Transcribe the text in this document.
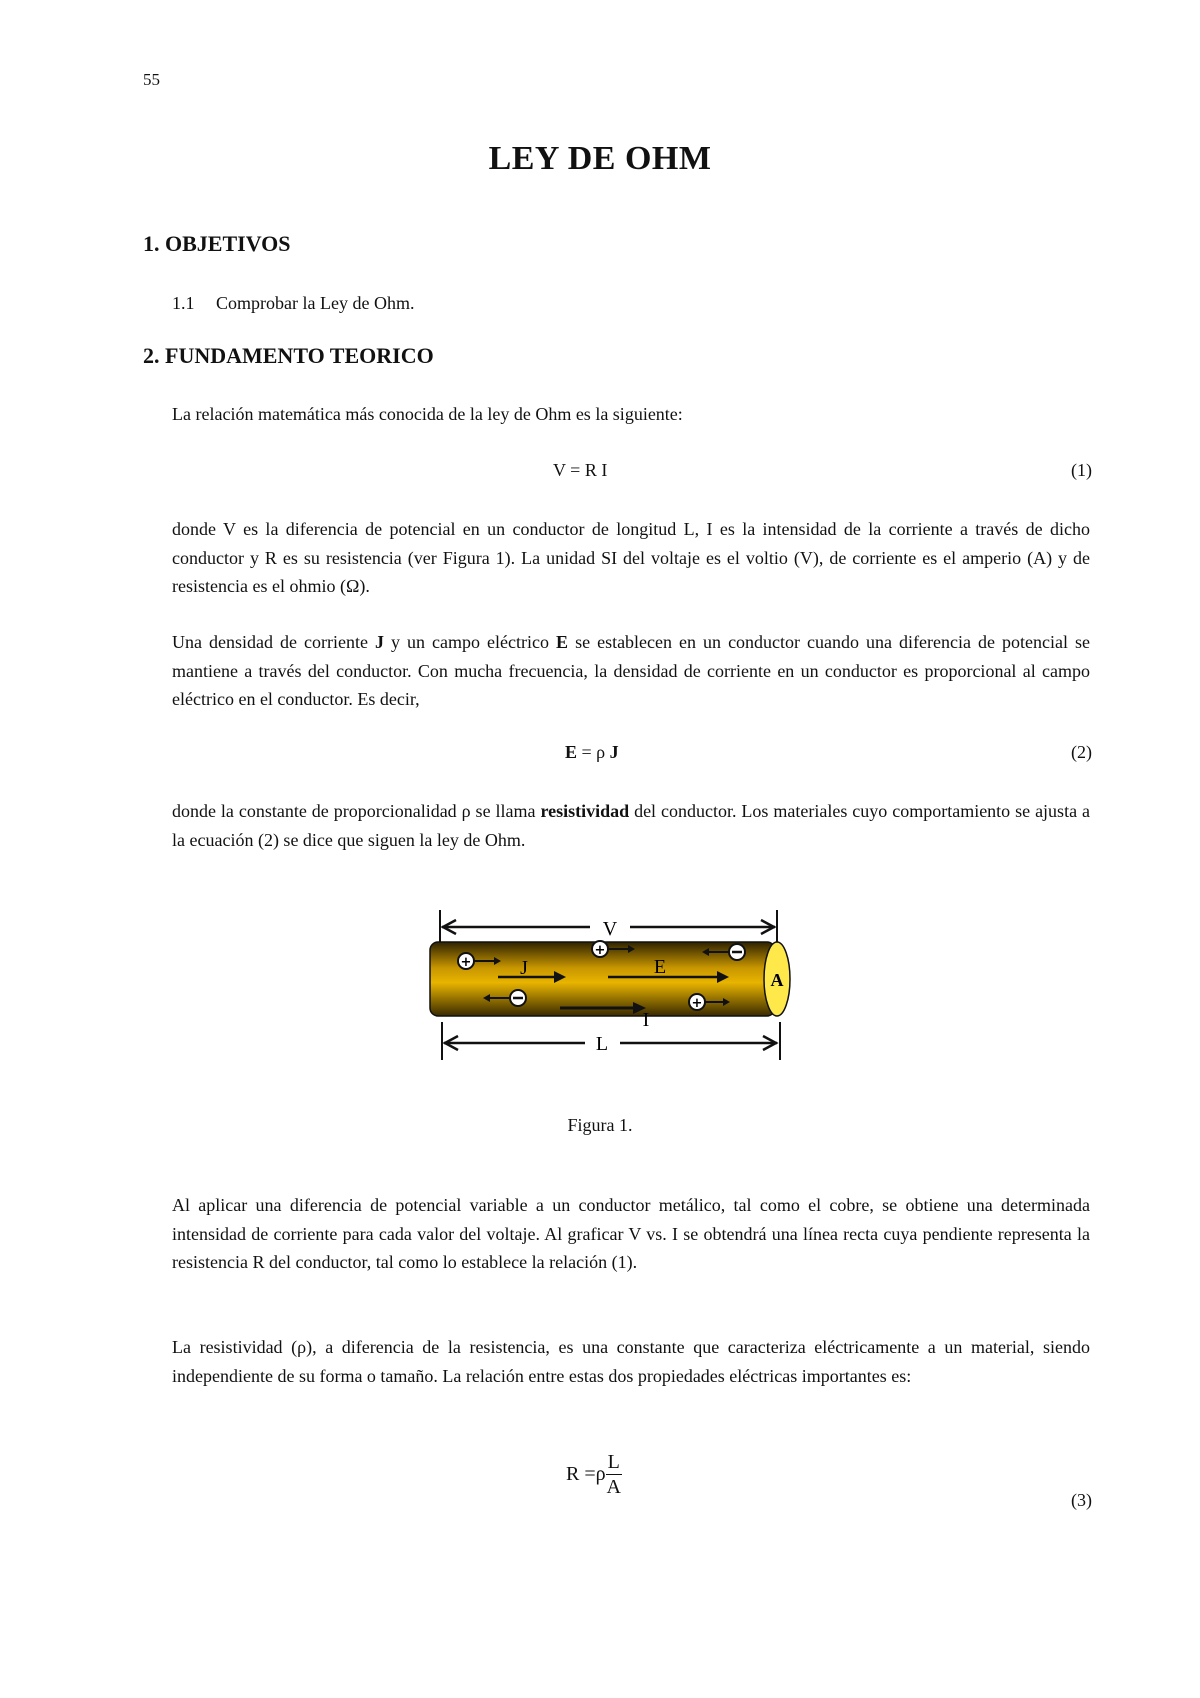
55
LEY DE OHM
1. OBJETIVOS
1.1 Comprobar la Ley de Ohm.
2. FUNDAMENTO TEORICO
La relación matemática más conocida de la ley de Ohm es la siguiente:
V = R I	(1)
donde V es la diferencia de potencial en un conductor de longitud L, I es la intensidad de la corriente a través de dicho conductor y R es su resistencia (ver Figura 1). La unidad SI del voltaje es el voltio (V), de corriente es el amperio (A) y de resistencia es el ohmio (Ω).
Una densidad de corriente J y un campo eléctrico E se establecen en un conductor cuando una diferencia de potencial se mantiene a través del conductor. Con mucha frecuencia, la densidad de corriente en un conductor es proporcional al campo eléctrico en el conductor. Es decir,
E = ρ J	(2)
donde la constante de proporcionalidad ρ se llama resistividad del conductor. Los materiales cuyo comportamiento se ajusta a la ecuación (2) se dice que siguen la ley de Ohm.
V
A
+
+
+
J	E
I
L
Figura 1.
Al aplicar una diferencia de potencial variable a un conductor metálico, tal como el cobre, se obtiene una determinada intensidad de corriente para cada valor del voltaje. Al graficar V vs. I se obtendrá una línea recta cuya pendiente representa la resistencia R del conductor, tal como lo establece la relación (1).
La resistividad (ρ), a diferencia de la resistencia, es una constante que caracteriza eléctricamente a un material, siendo independiente de su forma o tamaño. La relación entre estas dos propiedades eléctricas importantes es:
$R =\rho \frac{L}{A}$
(3)
